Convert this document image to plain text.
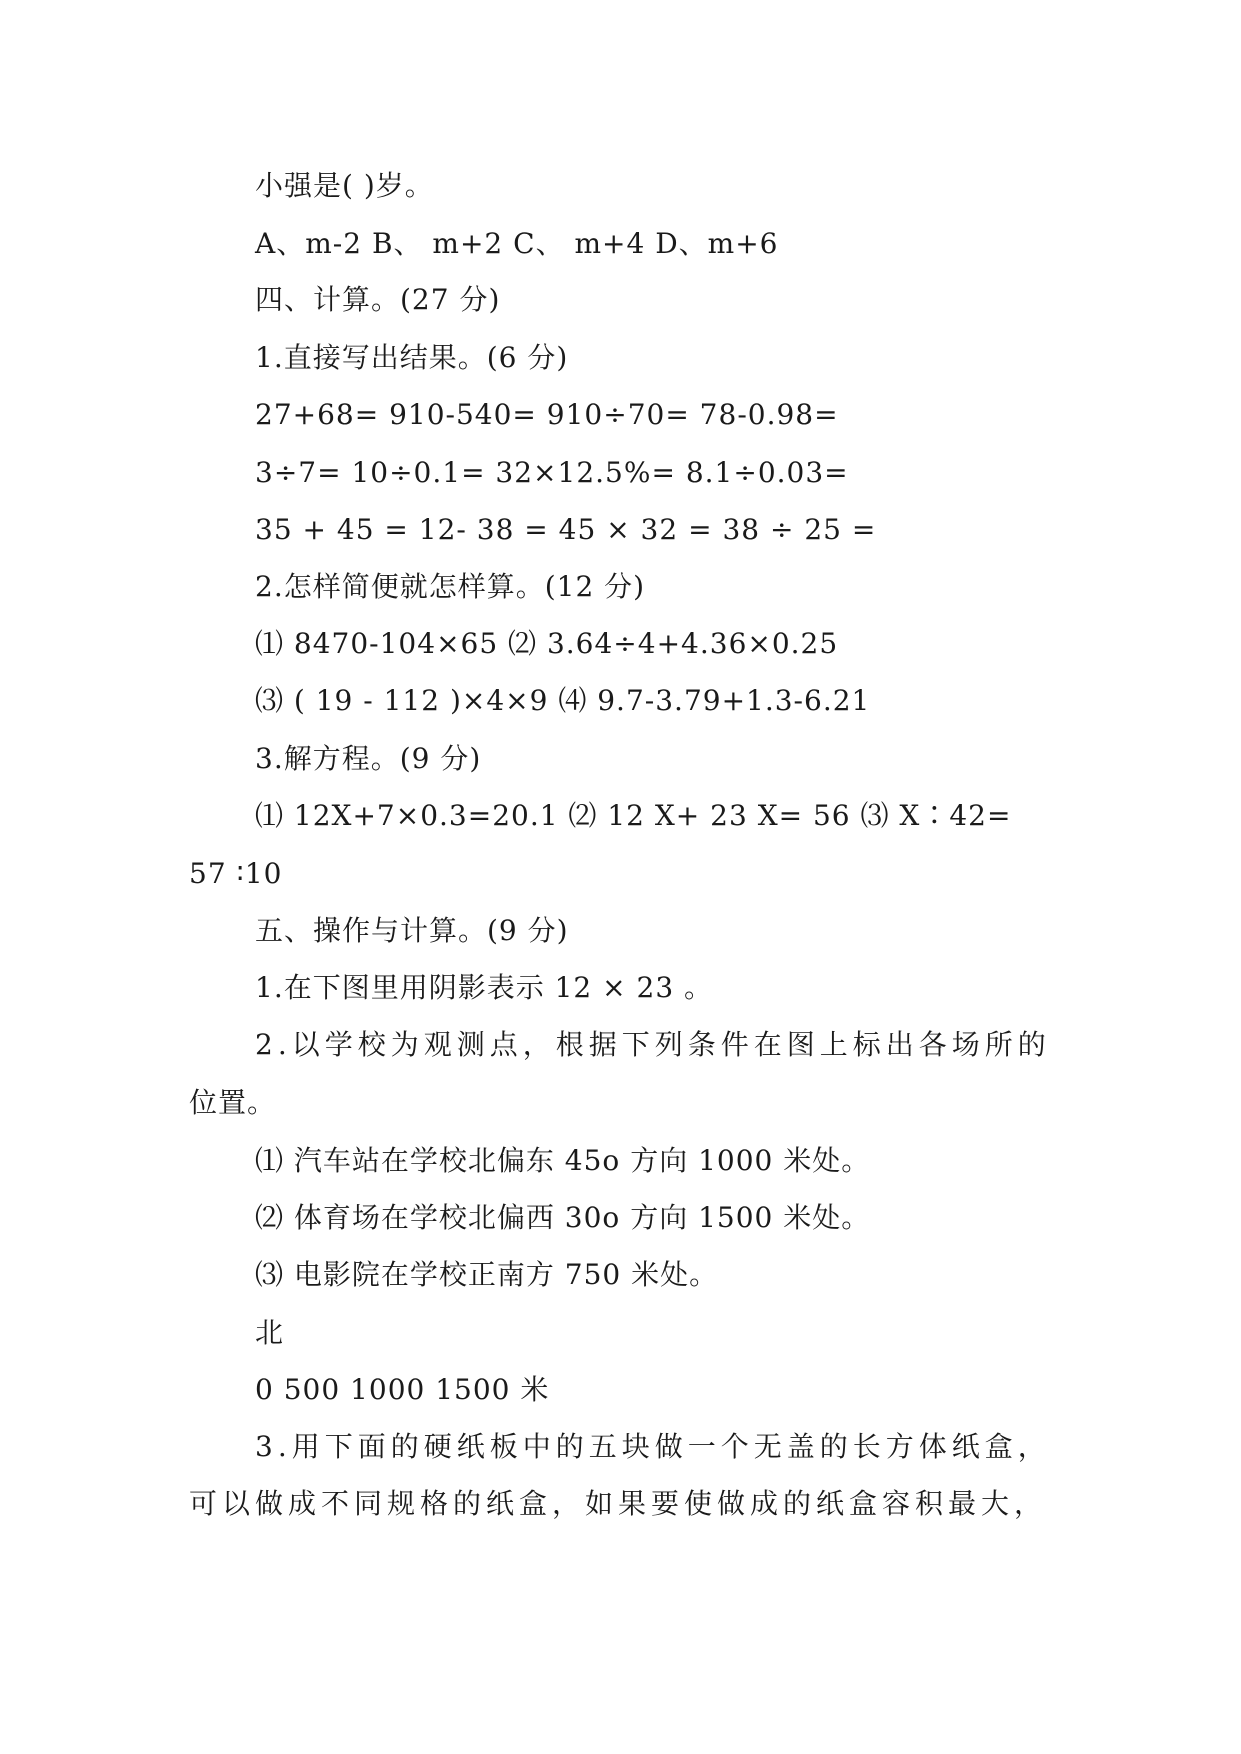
小强是( )岁。
A、m-2 B、 m+2 C、 m+4 D、m+6
四、计算。(27 分)
1.直接写出结果。(6 分)
27+68= 910-540= 910÷70= 78-0.98=
3÷7= 10÷0.1= 32×12.5%= 8.1÷0.03=
35 + 45 = 12- 38 = 45 × 32 = 38 ÷ 25 =
2.怎样简便就怎样算。(12 分)
⑴ 8470-104×65 ⑵ 3.64÷4+4.36×0.25
⑶ ( 19 - 112 )×4×9 ⑷ 9.7-3.79+1.3-6.21
3.解方程。(9 分)
⑴ 12X+7×0.3=20.1 ⑵ 12 X+ 23 X= 56 ⑶ X∶42=
57 ∶10
五、操作与计算。(9 分)
1.在下图里用阴影表示 12 × 23 。
2.以学校为观测点，根据下列条件在图上标出各场所的
位置。
⑴ 汽车站在学校北偏东 45o 方向 1000 米处。
⑵ 体育场在学校北偏西 30o 方向 1500 米处。
⑶ 电影院在学校正南方 750 米处。
北
0 500 1000 1500 米
3.用下面的硬纸板中的五块做一个无盖的长方体纸盒，
可以做成不同规格的纸盒，如果要使做成的纸盒容积最大，
